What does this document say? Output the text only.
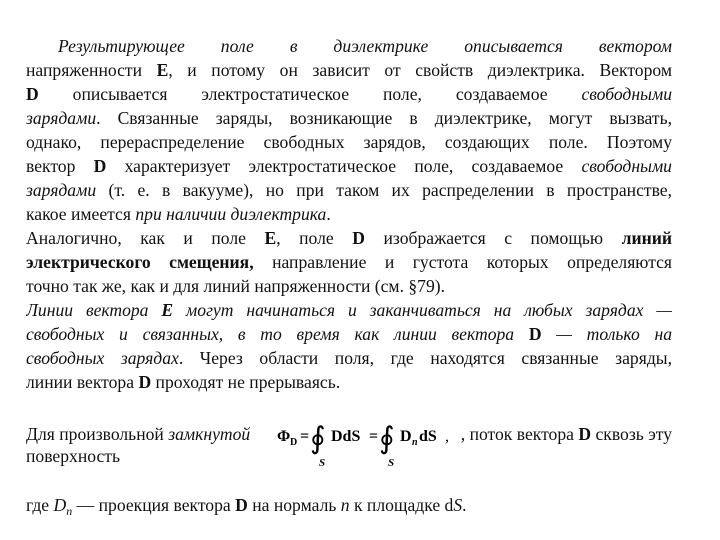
Результирующее поле в диэлектрике описывается вектором
напряженности E, и потому он зависит от свойств диэлектрика. Вектором
D описывается электростатическое поле, создаваемое свободными
зарядами. Связанные заряды, возникающие в диэлектрике, могут вызвать,
однако, перераспределение свободных зарядов, создающих поле. Поэтому
вектор D характеризует электростатическое поле, создаваемое свободными
зарядами (т. е. в вакууме), но при таком их распределении в пространстве,
какое имеется при наличии диэлектрика.
Аналогично, как и поле E, поле D изображается с помощью линий
электрического смещения, направление и густота которых определяются
точно так же, как и для линий напряженности (см. §79).
Линии вектора E могут начинаться и заканчиваться на любых зарядах —
свободных и связанных, в то время как линии вектора D — только на
свободных зарядах. Через области поля, где находятся связанные заряды,
линии вектора D проходят не прерываясь.
Для произвольной замкнутой	, поток вектора D сквозь эту
поверхность
Φ D = ∮
S
DdS = ∮
S
D n dS ,
где $D_n$ — проекция вектора D на нормаль n к площадке dS.
